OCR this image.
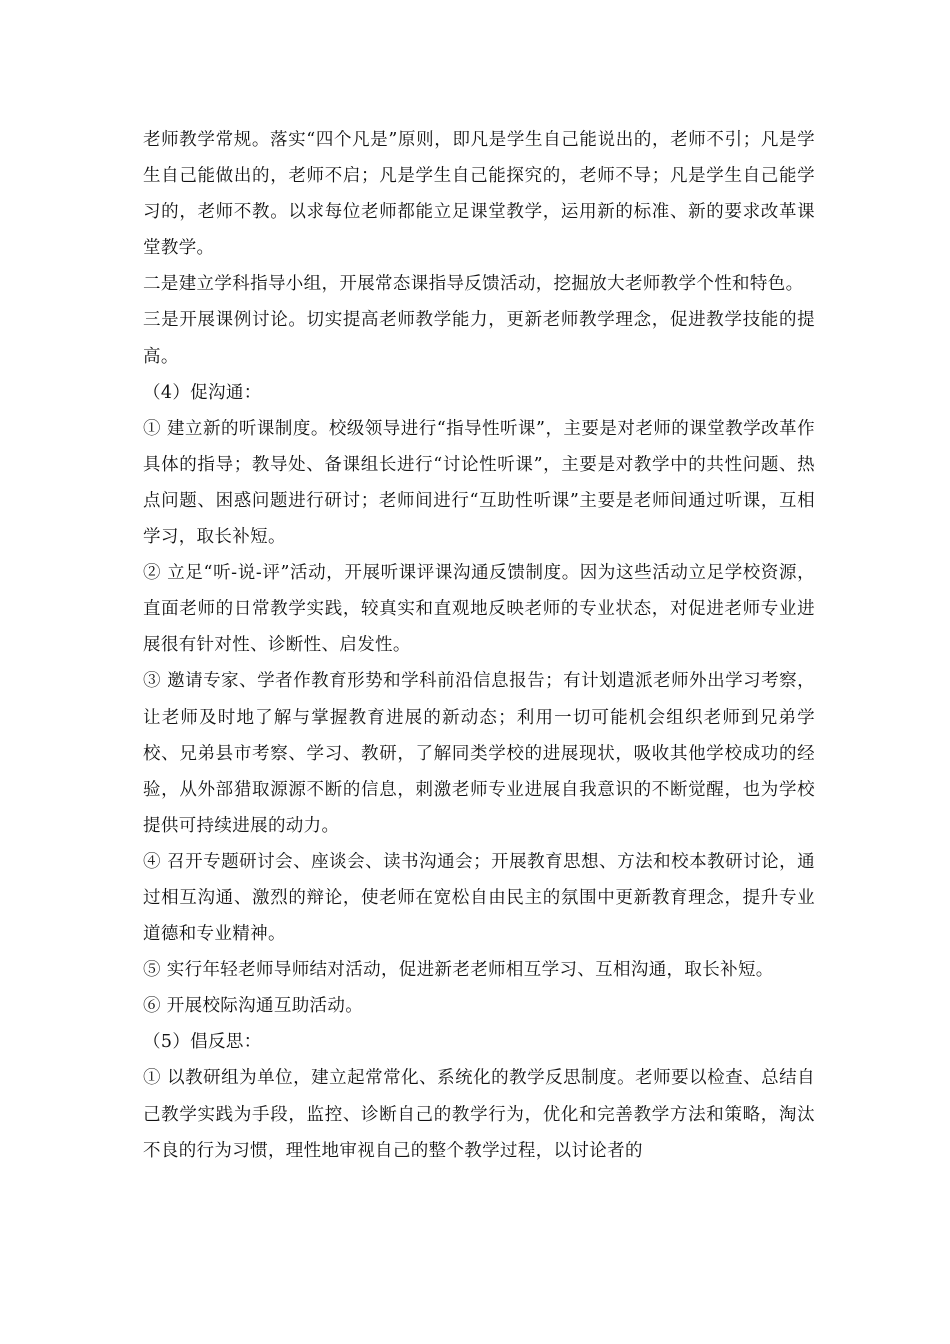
老师教学常规。落实“四个凡是”原则，即凡是学生自己能说出的，老师不引；凡是学生自己能做出的，老师不启；凡是学生自己能探究的，老师不导；凡是学生自己能学习的，老师不教。以求每位老师都能立足课堂教学，运用新的标准、新的要求改革课堂教学。

二是建立学科指导小组，开展常态课指导反馈活动，挖掘放大老师教学个性和特色。

三是开展课例讨论。切实提高老师教学能力，更新老师教学理念，促进教学技能的提高。

（4）促沟通：

① 建立新的听课制度。校级领导进行“指导性听课”，主要是对老师的课堂教学改革作具体的指导；教导处、备课组长进行“讨论性听课”，主要是对教学中的共性问题、热点问题、困惑问题进行研讨；老师间进行“互助性听课”主要是老师间通过听课，互相学习，取长补短。

② 立足“听-说-评”活动，开展听课评课沟通反馈制度。因为这些活动立足学校资源，直面老师的日常教学实践，较真实和直观地反映老师的专业状态，对促进老师专业进展很有针对性、诊断性、启发性。

③ 邀请专家、学者作教育形势和学科前沿信息报告；有计划遣派老师外出学习考察，让老师及时地了解与掌握教育进展的新动态；利用一切可能机会组织老师到兄弟学校、兄弟县市考察、学习、教研，了解同类学校的进展现状，吸收其他学校成功的经验，从外部猎取源源不断的信息，刺激老师专业进展自我意识的不断觉醒，也为学校提供可持续进展的动力。

④ 召开专题研讨会、座谈会、读书沟通会；开展教育思想、方法和校本教研讨论，通过相互沟通、激烈的辩论，使老师在宽松自由民主的氛围中更新教育理念，提升专业道德和专业精神。

⑤ 实行年轻老师导师结对活动，促进新老老师相互学习、互相沟通，取长补短。

⑥ 开展校际沟通互助活动。

（5）倡反思：

① 以教研组为单位，建立起常常化、系统化的教学反思制度。老师要以检查、总结自己教学实践为手段，监控、诊断自己的教学行为，优化和完善教学方法和策略，淘汰不良的行为习惯，理性地审视自己的整个教学过程，以讨论者的
